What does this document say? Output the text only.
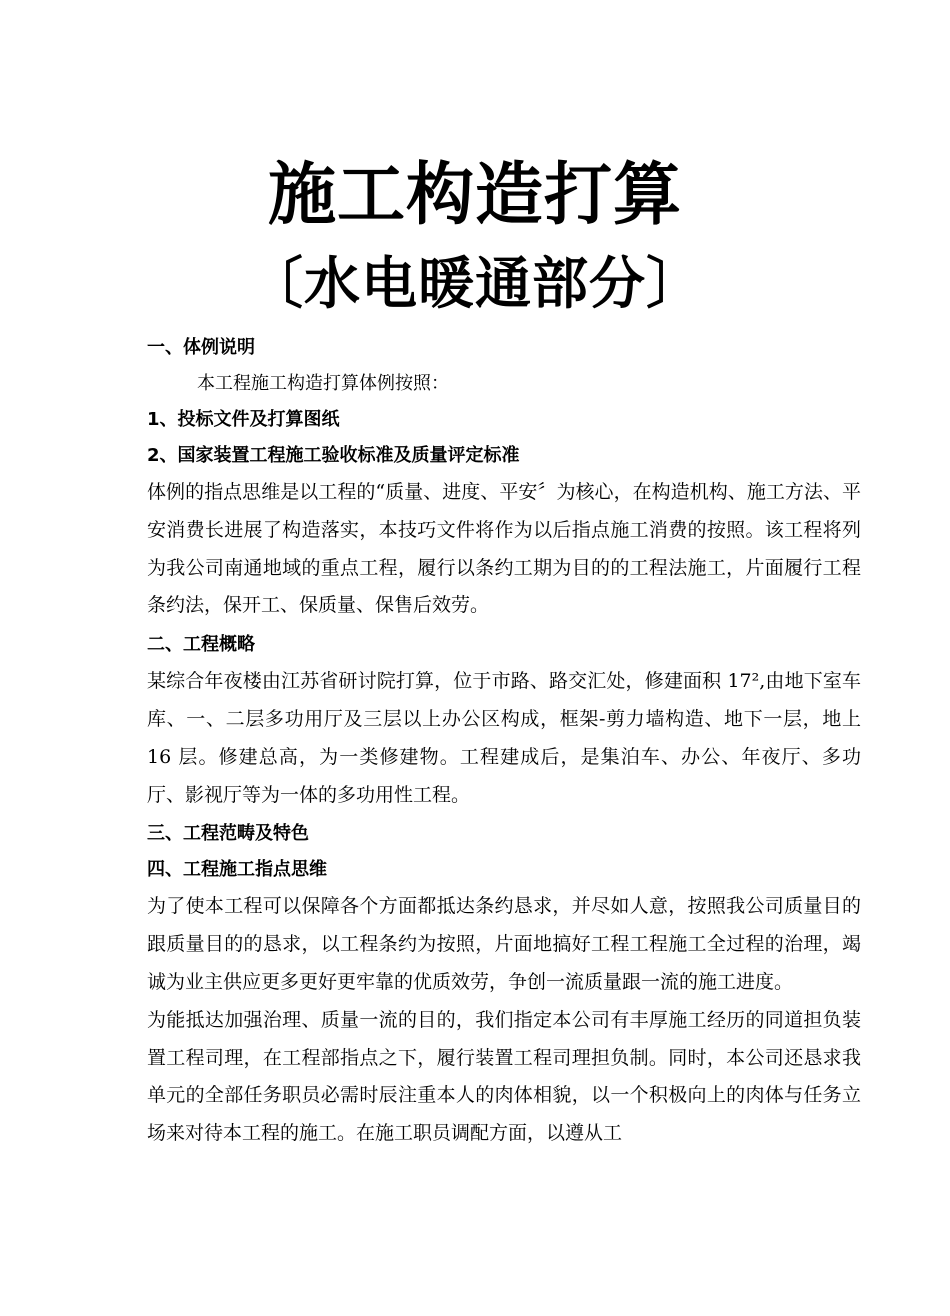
施工构造打算
〔水电暖通部分〕
一、体例说明
本工程施工构造打算体例按照：
1、投标文件及打算图纸
2、国家装置工程施工验收标准及质量评定标准

体例的指点思维是以工程的“质量、进度、平安〞为核心，在构造机构、施工方法、平安消费长进展了构造落实，本技巧文件将作为以后指点施工消费的按照。该工程将列为我公司南通地域的重点工程，履行以条约工期为目的的工程法施工，片面履行工程条约法，保开工、保质量、保售后效劳。

二、工程概略

某综合年夜楼由江苏省研讨院打算，位于市路、路交汇处，修建面积 17²,由地下室车库、一、二层多功用厅及三层以上办公区构成，框架-剪力墙构造、地下一层，地上 16 层。修建总高，为一类修建物。工程建成后，是集泊车、办公、年夜厅、多功厅、影视厅等为一体的多功用性工程。

三、工程范畴及特色
四、工程施工指点思维

为了使本工程可以保障各个方面都抵达条约恳求，并尽如人意，按照我公司质量目的跟质量目的的恳求，以工程条约为按照，片面地搞好工程工程施工全过程的治理，竭诚为业主供应更多更好更牢靠的优质效劳，争创一流质量跟一流的施工进度。

为能抵达加强治理、质量一流的目的，我们指定本公司有丰厚施工经历的同道担负装置工程司理，在工程部指点之下，履行装置工程司理担负制。同时，本公司还恳求我单元的全部任务职员必需时辰注重本人的肉体相貌，以一个积极向上的肉体与任务立场来对待本工程的施工。在施工职员调配方面，以遵从工
